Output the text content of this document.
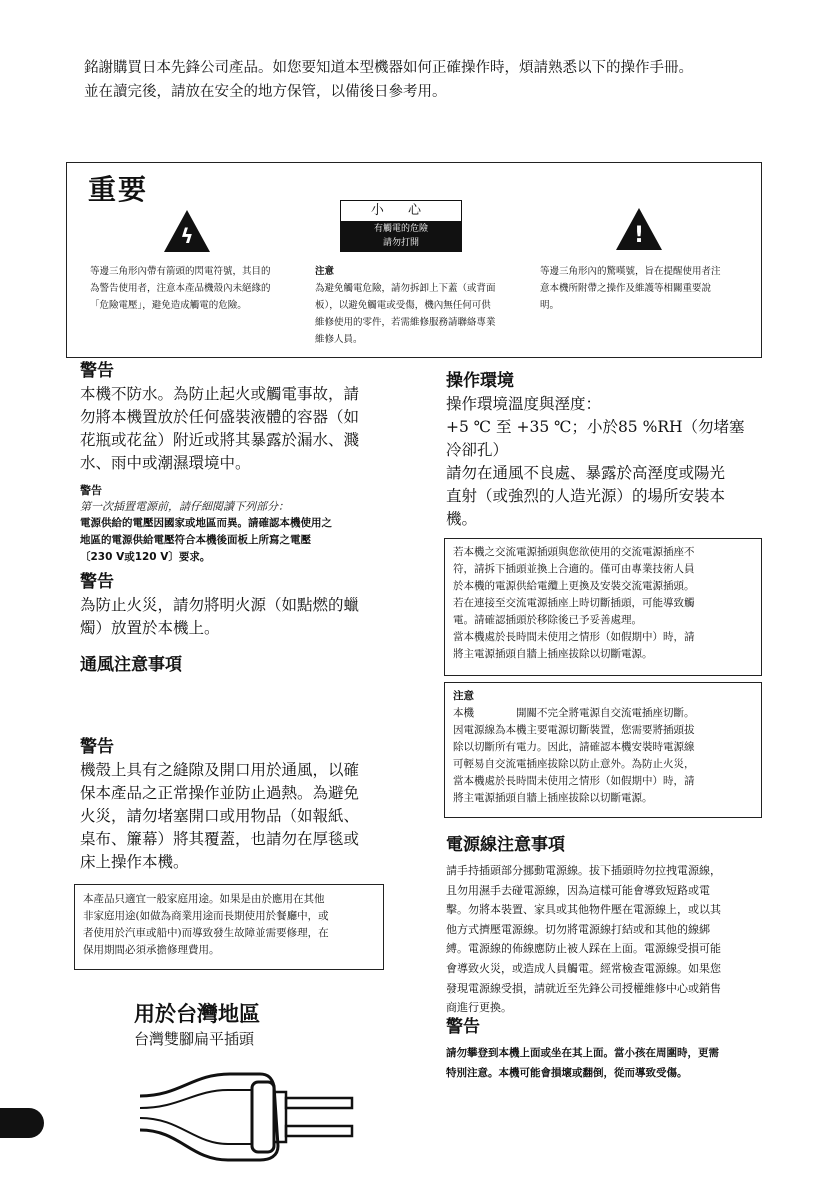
銘謝購買日本先鋒公司產品。如您要知道本型機器如何正確操作時，煩請熟悉以下的操作手冊。

並在讀完後，請放在安全的地方保管，以備後日參考用。

重要
ϟ
小 心
有觸電的危險
請勿打開	!

等邊三角形內帶有箭頭的閃電符號，其目的

為警告使用者，注意本產品機殼內未絕緣的

「危險電壓」，避免造成觸電的危險。

注意

為避免觸電危險，請勿拆卸上下蓋（或背面

板），以避免觸電或受傷，機內無任何可供

維修使用的零件，若需維修服務請聯絡專業

維修人員。

等邊三角形內的驚嘆號，旨在提醒使用者注

意本機所附帶之操作及維護等相關重要說

明。

警告

本機不防水。為防止起火或觸電事故，請

勿將本機置放於任何盛裝液體的容器（如

花瓶或花盆）附近或將其暴露於漏水、濺

水、雨中或潮濕環境中。

警告

第一次插置電源前，請仔細閱讀下列部分：

電源供給的電壓因國家或地區而異。請確認本機使用之

地區的電源供給電壓符合本機後面板上所寫之電壓

〔230 V或120 V〕要求。

警告

為防止火災，請勿將明火源（如點燃的蠟

燭）放置於本機上。

通風注意事項

警告

機殼上具有之縫隙及開口用於通風，以確

保本產品之正常操作並防止過熱。為避免

火災，請勿堵塞開口或用物品（如報紙、

桌布、簾幕）將其覆蓋，也請勿在厚毯或

床上操作本機。

本產品只適宜一般家庭用途。如果是由於應用在其他

非家庭用途(如做為商業用途而長期使用於餐廳中，或

者使用於汽車或船中)而導致發生故障並需要修理，在

保用期間必須承擔修理費用。

用於台灣地區
台灣雙腳扁平插頭

操作環境

操作環境溫度與溼度：

+5 ℃ 至 +35 ℃；小於85 %RH（勿堵塞

冷卻孔）

請勿在通風不良處、暴露於高溼度或陽光

直射（或強烈的人造光源）的場所安裝本

機。

若本機之交流電源插頭與您欲使用的交流電源插座不

符，請拆下插頭並換上合適的。僅可由專業技術人員

於本機的電源供給電纜上更換及安裝交流電源插頭。

若在連接至交流電源插座上時切斷插頭，可能導致觸

電。請確認插頭於移除後已予妥善處理。

當本機處於長時間未使用之情形（如假期中）時，請

將主電源插頭自牆上插座拔除以切斷電源。

注意

本機　　　　開關不完全將電源自交流電插座切斷。

因電源線為本機主要電源切斷裝置，您需要將插頭拔

除以切斷所有電力。因此，請確認本機安裝時電源線

可輕易自交流電插座拔除以防止意外。為防止火災，

當本機處於長時間未使用之情形（如假期中）時，請

將主電源插頭自牆上插座拔除以切斷電源。

電源線注意事項

請手持插頭部分挪動電源線。拔下插頭時勿拉拽電源線，

且勿用濕手去碰電源線，因為這樣可能會導致短路或電

擊。勿將本裝置、家具或其他物件壓在電源線上，或以其

他方式擠壓電源線。切勿將電源線打結或和其他的線綁

縛。電源線的佈線應防止被人踩在上面。電源線受損可能

會導致火災，或造成人員觸電。經常檢查電源線。如果您

發現電源線受損，請就近至先鋒公司授權維修中心或銷售

商進行更換。

警告

請勿攀登到本機上面或坐在其上面。當小孩在周圍時，更需

特別注意。本機可能會損壞或翻倒，從而導致受傷。
